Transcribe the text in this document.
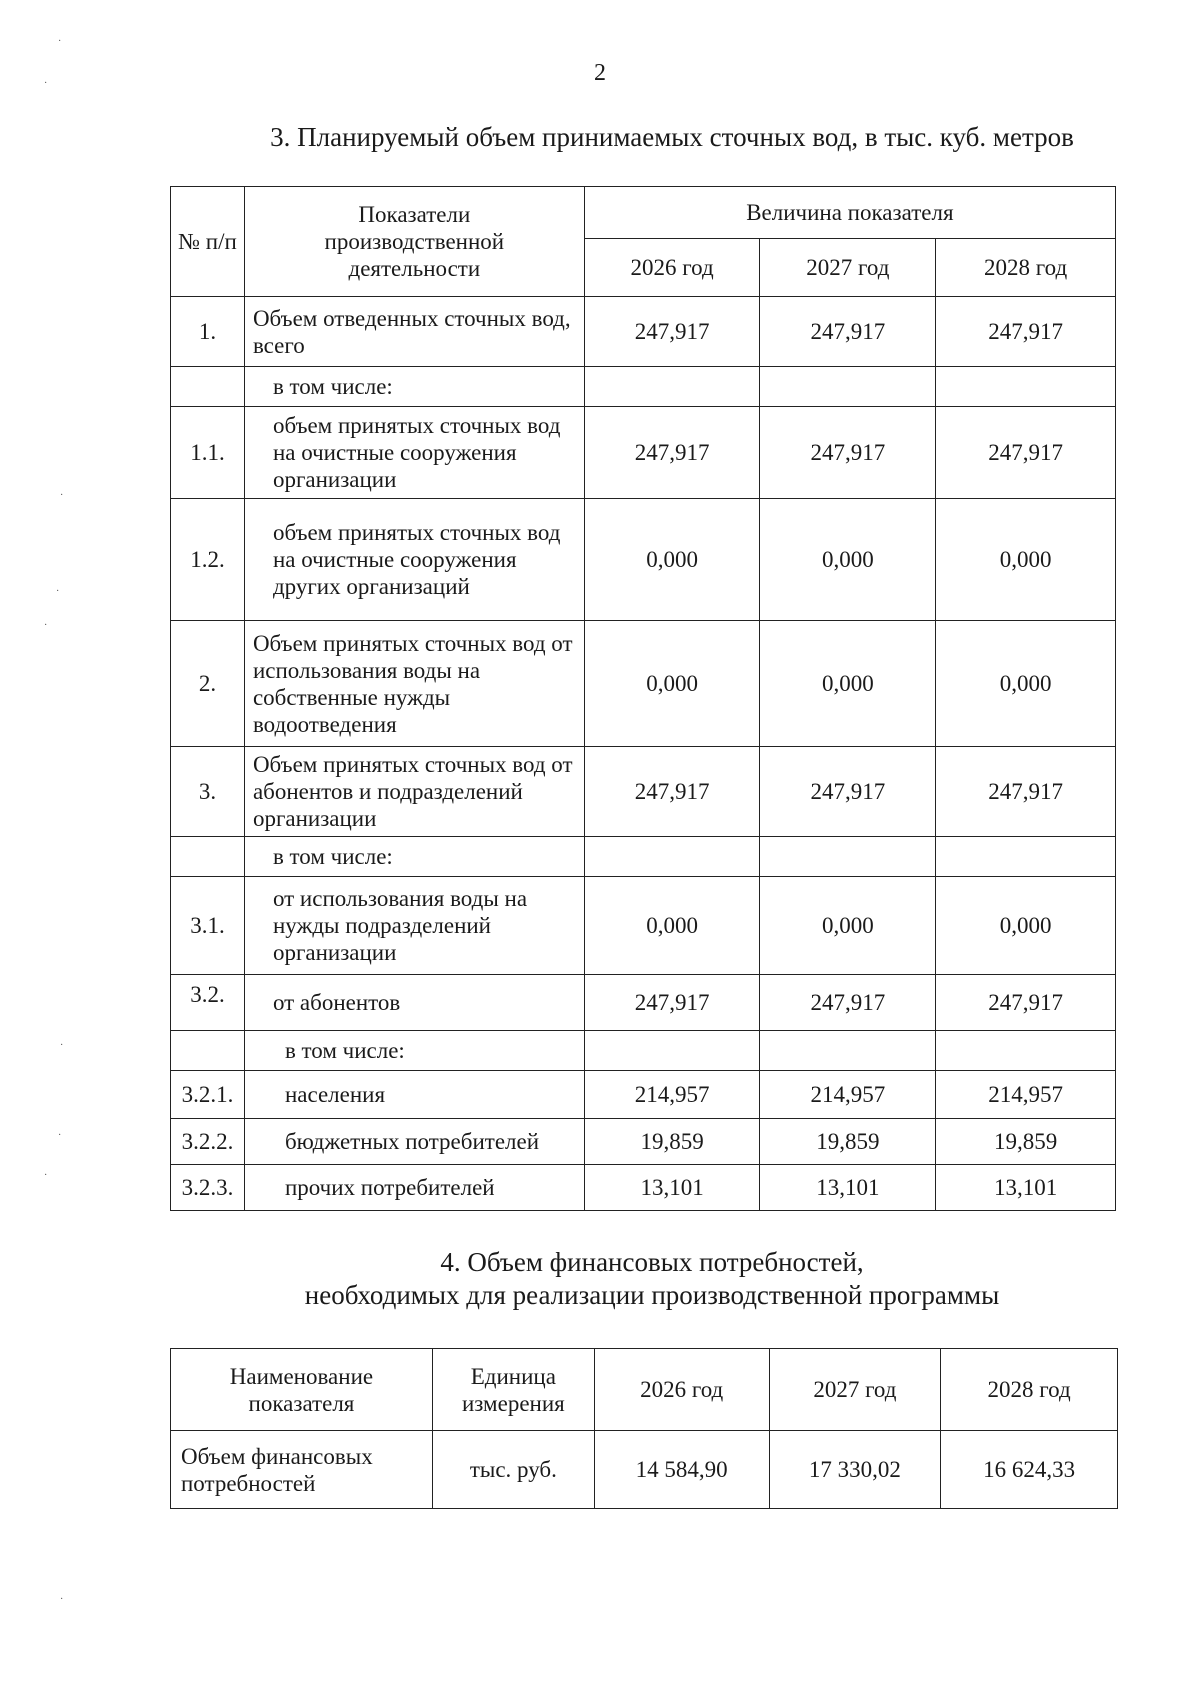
2
3. Планируемый объем принимаемых сточных вод, в тыс. куб. метров
№ п/п	Показатели производственной деятельности	Величина показателя		
		2026 год	2027 год	2028 год
1.	Объем отведенных сточных вод, всего	247,917	247,917	247,917
	в том числе:			
1.1.	объем принятых сточных вод на очистные сооружения организации	247,917	247,917	247,917
1.2.	объем принятых сточных вод на очистные сооружения других организаций	0,000	0,000	0,000
2.	Объем принятых сточных вод от использования воды на собственные нужды водоотведения	0,000	0,000	0,000
3.	Объем принятых сточных вод от абонентов и подразделений организации	247,917	247,917	247,917
	в том числе:			
3.1.	от использования воды на нужды подразделений организации	0,000	0,000	0,000
3.2.	от абонентов	247,917	247,917	247,917
	в том числе:			
3.2.1.	населения	214,957	214,957	214,957
3.2.2.	бюджетных потребителей	19,859	19,859	19,859
3.2.3.	прочих потребителей	13,101	13,101	13,101
4. Объем финансовых потребностей,
необходимых для реализации производственной программы
Наименование показателя	Единица измерения	2026 год	2027 год	2028 год
Объем финансовых потребностей	тыс. руб.	14 584,90	17 330,02	16 624,33
·
·
·
·
·
·
·
·
·
